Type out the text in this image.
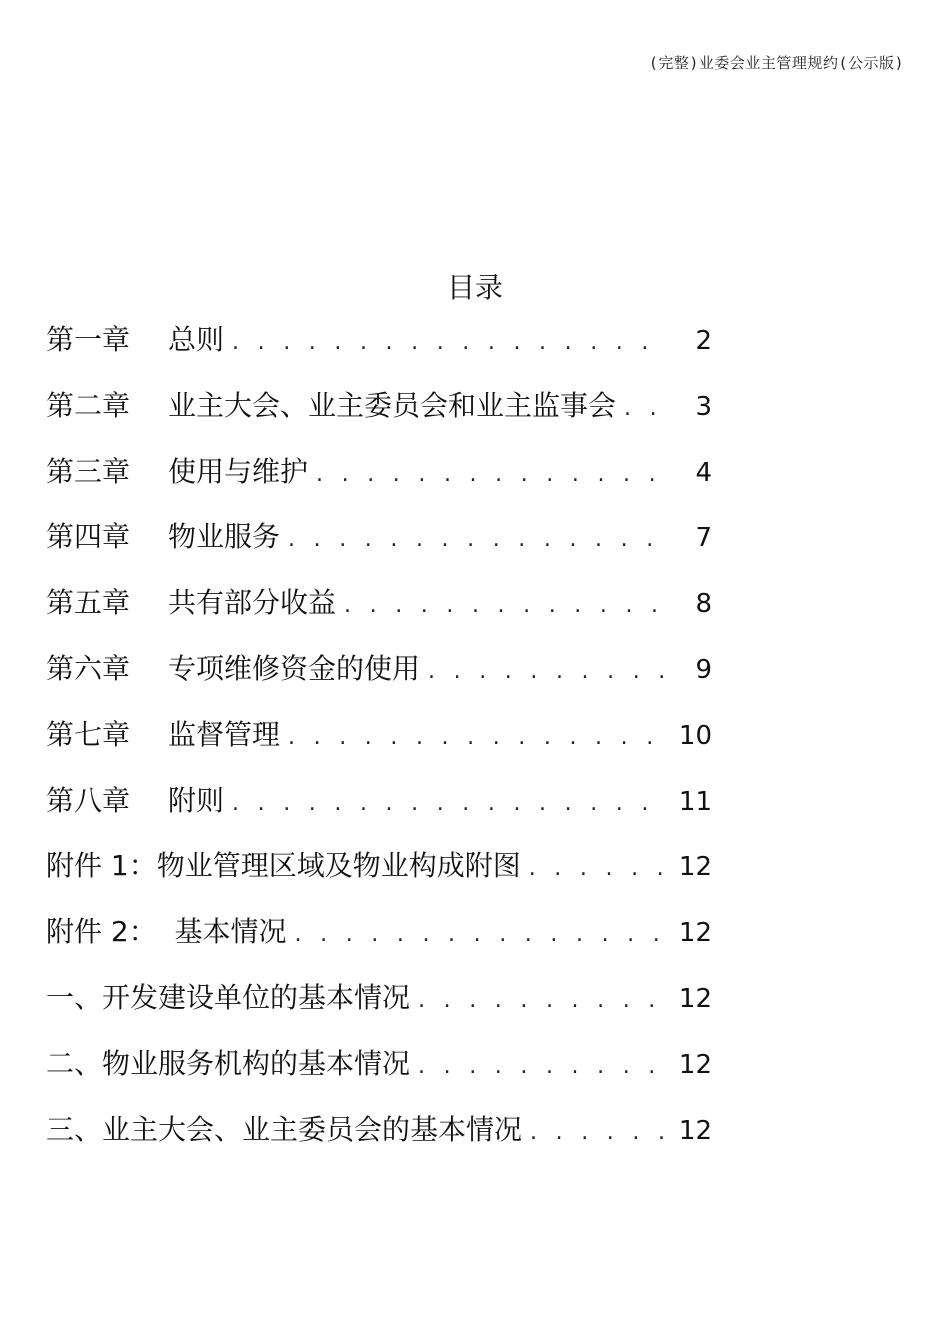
(完整)业委会业主管理规约(公示版)
目录
第一章	总则 . . .	2
第二章	业主大会、业主委员会和业主监事会 . . .	3
第三章	使用与维护 . . .	4
第四章	物业服务 . . .	7
第五章	共有部分收益 . . .	8
第六章	专项维修资金的使用 . . .	9
第七章	监督管理 . . .	10
第八章	附则 . . .	11
附件 1：物业管理区域及物业构成附图 . . .	12
附件 2：  基本情况 . . .	12
一、开发建设单位的基本情况 . . .	12
二、物业服务机构的基本情况 . . .	12
三、业主大会、业主委员会的基本情况 . . .	12
